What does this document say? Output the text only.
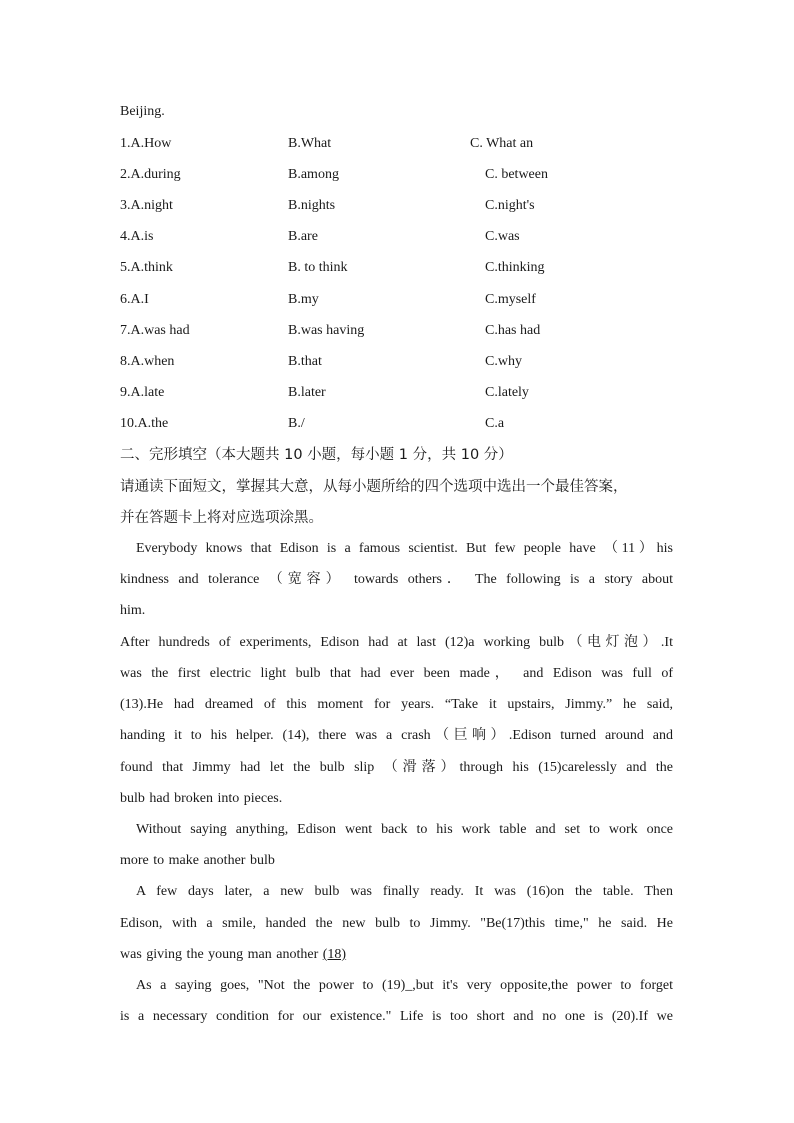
Beijing.
1.A.How	B.What	C. What an
2.A.during	B.among	C. between
3.A.night	B.nights	C.night's
4.A.is	B.are	C.was
5.A.think	B. to think	C.thinking
6.A.I	B.my	C.myself
7.A.was had	B.was having	C.has had
8.A.when	B.that	C.why
9.A.late	B.later	C.lately
10.A.the	B./	C.a
二、完形填空（本大题共 10 小题，每小题 1 分，共 10 分）
请通读下面短文，掌握其大意，从每小题所给的四个选项中选出一个最佳答案，
并在答题卡上将对应选项涂黑。
Everybody knows that Edison is a famous scientist. But few people have （11）his
kindness and tolerance （宽容） towards others． The following is a story about
him.
After hundreds of experiments, Edison had at last (12)a working bulb（电灯泡）.It
was the first electric light bulb that had ever been made， and Edison was full of
(13).He had dreamed of this moment for years. “Take it upstairs, Jimmy.” he said,
handing it to his helper. (14), there was a crash（巨响）.Edison turned around and
found that Jimmy had let the bulb slip （滑落）through his (15)carelessly and the
bulb had broken into pieces.
Without saying anything, Edison went back to his work table and set to work once
more to make another bulb
A few days later, a new bulb was finally ready. It was (16)on the table. Then
Edison, with a smile, handed the new bulb to Jimmy. "Be(17)this time," he said. He
was giving the young man another (18)
As a saying goes, "Not the power to (19)_,but it's very opposite,the power to forget
is a necessary condition for our existence." Life is too short and no one is (20).If we
